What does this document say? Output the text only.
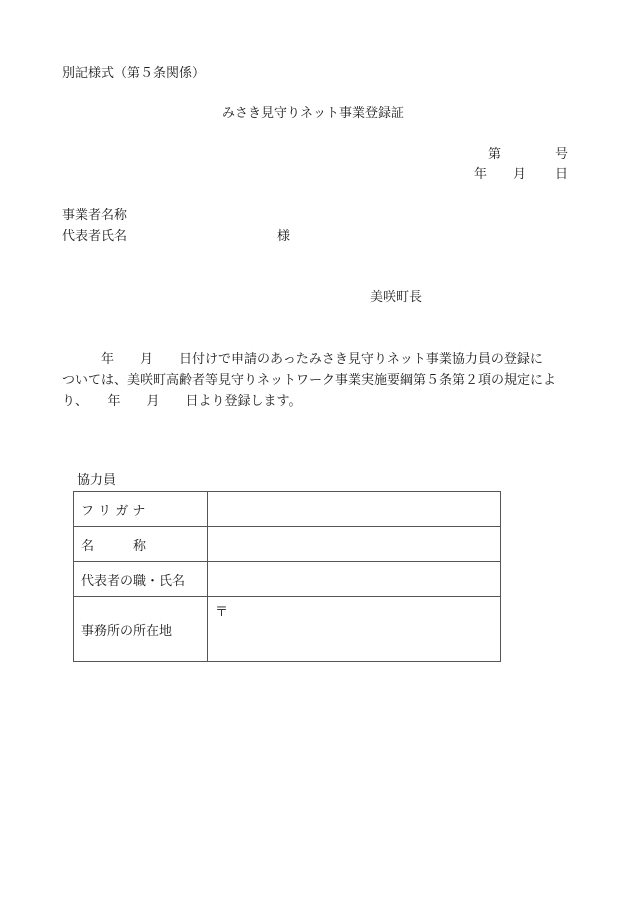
別記様式（第５条関係）
みさき見守りネット事業登録証
第	号
年 月 日
事業者名称
代表者氏名	様
美咲町長
　　　年　　月　　日付けで申請のあったみさき見守りネット事業協力員の登録に
ついては、美咲町高齢者等見守りネットワーク事業実施要綱第５条第２項の規定によ
り、　　年　　月　　日より登録します。
協力員
フ リ ガ ナ	
名　　　称	
代表者の職・氏名	
事務所の所在地	〒
